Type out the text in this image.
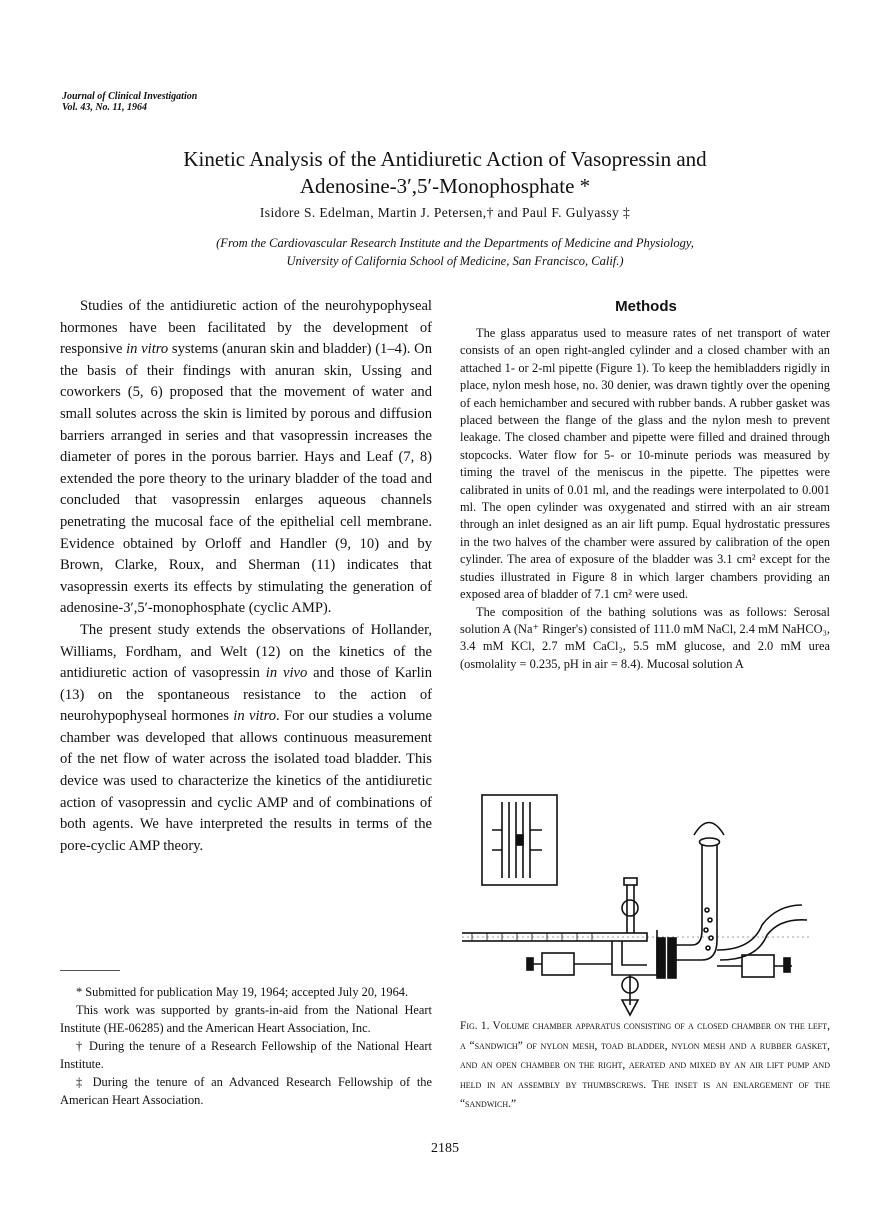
Journal of Clinical Investigation
Vol. 43, No. 11, 1964
Kinetic Analysis of the Antidiuretic Action of Vasopressin and
Adenosine-3′,5′-Monophosphate *
Isidore S. Edelman, Martin J. Petersen,† and Paul F. Gulyassy ‡
(From the Cardiovascular Research Institute and the Departments of Medicine and Physiology,
University of California School of Medicine, San Francisco, Calif.)

Studies of the antidiuretic action of the neurohypophyseal hormones have been facilitated by the development of responsive in vitro systems (anuran skin and bladder) (1–4). On the basis of their findings with anuran skin, Ussing and coworkers (5, 6) proposed that the movement of water and small solutes across the skin is limited by porous and diffusion barriers arranged in series and that vasopressin increases the diameter of pores in the porous barrier. Hays and Leaf (7, 8) extended the pore theory to the urinary bladder of the toad and concluded that vasopressin enlarges aqueous channels penetrating the mucosal face of the epithelial cell membrane. Evidence obtained by Orloff and Handler (9, 10) and by Brown, Clarke, Roux, and Sherman (11) indicates that vasopressin exerts its effects by stimulating the generation of adenosine-3′,5′-monophosphate (cyclic AMP).

The present study extends the observations of Hollander, Williams, Fordham, and Welt (12) on the kinetics of the antidiuretic action of vasopressin in vivo and those of Karlin (13) on the spontaneous resistance to the action of neurohypophyseal hormones in vitro. For our studies a volume chamber was developed that allows continuous measurement of the net flow of water across the isolated toad bladder. This device was used to characterize the kinetics of the antidiuretic action of vasopressin and cyclic AMP and of combinations of both agents. We have interpreted the results in terms of the pore-cyclic AMP theory.

* Submitted for publication May 19, 1964; accepted July 20, 1964.

This work was supported by grants-in-aid from the National Heart Institute (HE-06285) and the American Heart Association, Inc.

† During the tenure of a Research Fellowship of the National Heart Institute.

‡ During the tenure of an Advanced Research Fellowship of the American Heart Association.

Methods

The glass apparatus used to measure rates of net transport of water consists of an open right-angled cylinder and a closed chamber with an attached 1- or 2-ml pipette (Figure 1). To keep the hemibladders rigidly in place, nylon mesh hose, no. 30 denier, was drawn tightly over the opening of each hemichamber and secured with rubber bands. A rubber gasket was placed between the flange of the glass and the nylon mesh to prevent leakage. The closed chamber and pipette were filled and drained through stopcocks. Water flow for 5- or 10-minute periods was measured by timing the travel of the meniscus in the pipette. The pipettes were calibrated in units of 0.01 ml, and the readings were interpolated to 0.001 ml. The open cylinder was oxygenated and stirred with an air stream through an inlet designed as an air lift pump. Equal hydrostatic pressures in the two halves of the chamber were assured by calibration of the open cylinder. The area of exposure of the bladder was 3.1 cm² except for the studies illustrated in Figure 8 in which larger chambers providing an exposed area of bladder of 7.1 cm² were used.

The composition of the bathing solutions was as follows: Serosal solution A (Na⁺ Ringer's) consisted of 111.0 mM NaCl, 2.4 mM NaHCO₃, 3.4 mM KCl, 2.7 mM CaCl₂, 5.5 mM glucose, and 2.0 mM urea (osmolality = 0.235, pH in air = 8.4). Mucosal solution A

Fig. 1. Volume chamber apparatus consisting of a closed chamber on the left, a “sandwich” of nylon mesh, toad bladder, nylon mesh and a rubber gasket, and an open chamber on the right, aerated and mixed by an air lift pump and held in an assembly by thumbscrews. The inset is an enlargement of the “sandwich.”
2185
